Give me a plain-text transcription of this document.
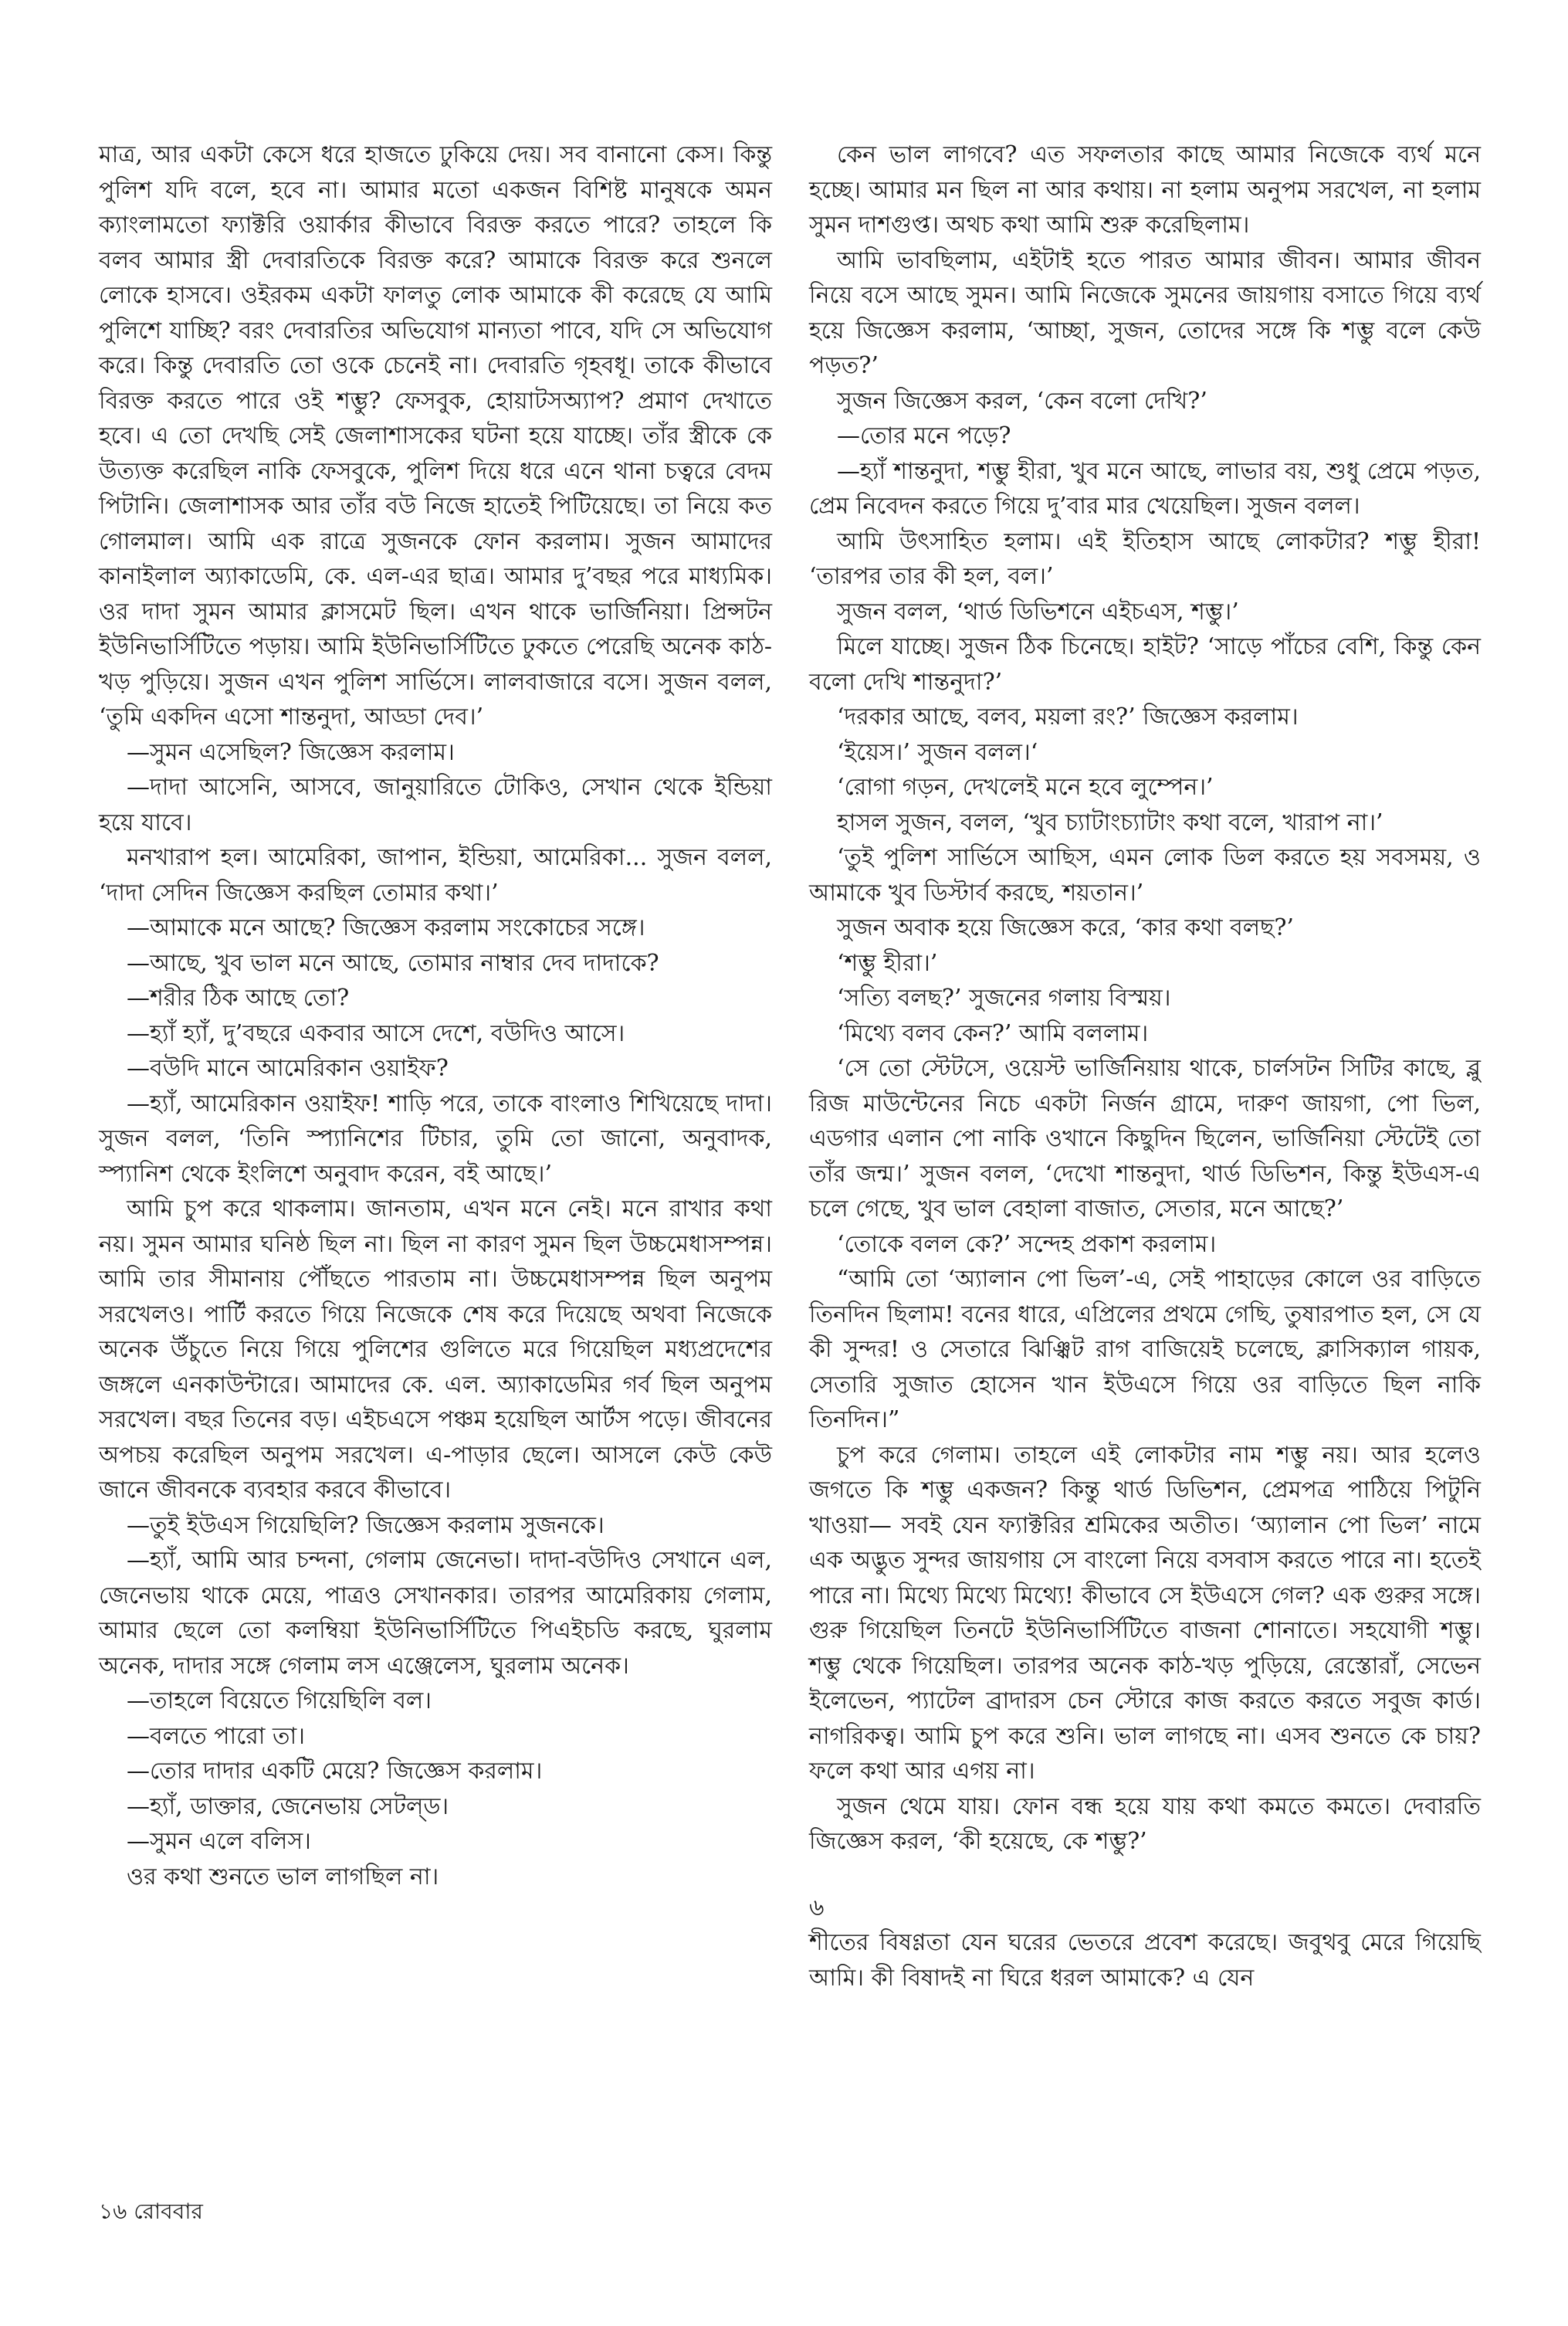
মাত্র, আর একটা কেসে ধরে হাজতে ঢুকিয়ে দেয়। সব বানানো কেস। কিন্তু পুলিশ যদি বলে, হবে না। আমার মতো একজন বিশিষ্ট মানুষকে অমন ক্যাংলামতো ফ্যাক্টরি ওয়ার্কার কীভাবে বিরক্ত করতে পারে? তাহলে কি বলব আমার স্ত্রী দেবারতিকে বিরক্ত করে? আমাকে বিরক্ত করে শুনলে লোকে হাসবে। ওইরকম একটা ফালতু লোক আমাকে কী করেছে যে আমি পুলিশে যাচ্ছি? বরং দেবারতির অভিযোগ মান্যতা পাবে, যদি সে অভিযোগ করে। কিন্তু দেবারতি তো ওকে চেনেই না। দেবারতি গৃহবধূ। তাকে কীভাবে বিরক্ত করতে পারে ওই শম্ভু? ফেসবুক, হোয়াটসঅ্যাপ? প্রমাণ দেখাতে হবে। এ তো দেখছি সেই জেলাশাসকের ঘটনা হয়ে যাচ্ছে। তাঁর স্ত্রীকে কে উত্যক্ত করেছিল নাকি ফেসবুকে, পুলিশ দিয়ে ধরে এনে থানা চত্বরে বেদম পিটানি। জেলাশাসক আর তাঁর বউ নিজে হাতেই পিটিয়েছে। তা নিয়ে কত গোলমাল। আমি এক রাত্রে সুজনকে ফোন করলাম। সুজন আমাদের কানাইলাল অ্যাকাডেমি, কে. এল-এর ছাত্র। আমার দু’বছর পরে মাধ্যমিক। ওর দাদা সুমন আমার ক্লাসমেট ছিল। এখন থাকে ভার্জিনিয়া। প্রিন্সটন ইউনিভার্সিটিতে পড়ায়। আমি ইউনিভার্সিটিতে ঢুকতে পেরেছি অনেক কাঠ-খড় পুড়িয়ে। সুজন এখন পুলিশ সার্ভিসে। লালবাজারে বসে। সুজন বলল, ‘তুমি একদিন এসো শান্তনুদা, আড্ডা দেব।’

—সুমন এসেছিল? জিজ্ঞেস করলাম।

—দাদা আসেনি, আসবে, জানুয়ারিতে টোকিও, সেখান থেকে ইন্ডিয়া হয়ে যাবে।

মনখারাপ হল। আমেরিকা, জাপান, ইন্ডিয়া, আমেরিকা... সুজন বলল, ‘দাদা সেদিন জিজ্ঞেস করছিল তোমার কথা।’

—আমাকে মনে আছে? জিজ্ঞেস করলাম সংকোচের সঙ্গে।

—আছে, খুব ভাল মনে আছে, তোমার নাম্বার দেব দাদাকে?

—শরীর ঠিক আছে তো?

—হ্যাঁ হ্যাঁ, দু’বছরে একবার আসে দেশে, বউদিও আসে।

—বউদি মানে আমেরিকান ওয়াইফ?

—হ্যাঁ, আমেরিকান ওয়াইফ! শাড়ি পরে, তাকে বাংলাও শিখিয়েছে দাদা। সুজন বলল, ‘তিনি স্প্যানিশের টিচার, তুমি তো জানো, অনুবাদক, স্প্যানিশ থেকে ইংলিশে অনুবাদ করেন, বই আছে।’

আমি চুপ করে থাকলাম। জানতাম, এখন মনে নেই। মনে রাখার কথা নয়। সুমন আমার ঘনিষ্ঠ ছিল না। ছিল না কারণ সুমন ছিল উচ্চমেধাসম্পন্ন। আমি তার সীমানায় পৌঁছতে পারতাম না। উচ্চমেধাসম্পন্ন ছিল অনুপম সরখেলও। পার্টি করতে গিয়ে নিজেকে শেষ করে দিয়েছে অথবা নিজেকে অনেক উঁচুতে নিয়ে গিয়ে পুলিশের গুলিতে মরে গিয়েছিল মধ্যপ্রদেশের জঙ্গলে এনকাউন্টারে। আমাদের কে. এল. অ্যাকাডেমির গর্ব ছিল অনুপম সরখেল। বছর তিনের বড়। এইচএসে পঞ্চম হয়েছিল আর্টস পড়ে। জীবনের অপচয় করেছিল অনুপম সরখেল। এ-পাড়ার ছেলে। আসলে কেউ কেউ জানে জীবনকে ব্যবহার করবে কীভাবে।

—তুই ইউএস গিয়েছিলি? জিজ্ঞেস করলাম সুজনকে।

—হ্যাঁ, আমি আর চন্দনা, গেলাম জেনেভা। দাদা-বউদিও সেখানে এল, জেনেভায় থাকে মেয়ে, পাত্রও সেখানকার। তারপর আমেরিকায় গেলাম, আমার ছেলে তো কলম্বিয়া ইউনিভার্সিটিতে পিএইচডি করছে, ঘুরলাম অনেক, দাদার সঙ্গে গেলাম লস এঞ্জেলেস, ঘুরলাম অনেক।

—তাহলে বিয়েতে গিয়েছিলি বল।

—বলতে পারো তা।

—তোর দাদার একটি মেয়ে? জিজ্ঞেস করলাম।

—হ্যাঁ, ডাক্তার, জেনেভায় সেটল্‌ড।

—সুমন এলে বলিস।

ওর কথা শুনতে ভাল লাগছিল না।

কেন ভাল লাগবে? এত সফলতার কাছে আমার নিজেকে ব্যর্থ মনে হচ্ছে। আমার মন ছিল না আর কথায়। না হলাম অনুপম সরখেল, না হলাম সুমন দাশগুপ্ত। অথচ কথা আমি শুরু করেছিলাম।

আমি ভাবছিলাম, এইটাই হতে পারত আমার জীবন। আমার জীবন নিয়ে বসে আছে সুমন। আমি নিজেকে সুমনের জায়গায় বসাতে গিয়ে ব্যর্থ হয়ে জিজ্ঞেস করলাম, ‘আচ্ছা, সুজন, তোদের সঙ্গে কি শম্ভু বলে কেউ পড়ত?’

সুজন জিজ্ঞেস করল, ‘কেন বলো দেখি?’

—তোর মনে পড়ে?

—হ্যাঁ শান্তনুদা, শম্ভু হীরা, খুব মনে আছে, লাভার বয়, শুধু প্রেমে পড়ত, প্রেম নিবেদন করতে গিয়ে দু’বার মার খেয়েছিল। সুজন বলল।

আমি উৎসাহিত হলাম। এই ইতিহাস আছে লোকটার? শম্ভু হীরা! ‘তারপর তার কী হল, বল।’

সুজন বলল, ‘থার্ড ডিভিশনে এইচএস, শম্ভু।’

মিলে যাচ্ছে। সুজন ঠিক চিনেছে। হাইট? ‘সাড়ে পাঁচের বেশি, কিন্তু কেন বলো দেখি শান্তনুদা?’

‘দরকার আছে, বলব, ময়লা রং?’ জিজ্ঞেস করলাম।

‘ইয়েস।’ সুজন বলল।‘

‘রোগা গড়ন, দেখলেই মনে হবে লুম্পেন।’

হাসল সুজন, বলল, ‘খুব চ্যাটাংচ্যাটাং কথা বলে, খারাপ না।’

‘তুই পুলিশ সার্ভিসে আছিস, এমন লোক ডিল করতে হয় সবসময়, ও আমাকে খুব ডিস্টার্ব করছে, শয়তান।’

সুজন অবাক হয়ে জিজ্ঞেস করে, ‘কার কথা বলছ?’

‘শম্ভু হীরা।’

‘সত্যি বলছ?’ সুজনের গলায় বিস্ময়।

‘মিথ্যে বলব কেন?’ আমি বললাম।

‘সে তো স্টেটসে, ওয়েস্ট ভার্জিনিয়ায় থাকে, চার্লসটন সিটির কাছে, ব্লু রিজ মাউন্টেনের নিচে একটা নির্জন গ্রামে, দারুণ জায়গা, পো ভিল, এডগার এলান পো নাকি ওখানে কিছুদিন ছিলেন, ভার্জিনিয়া স্টেটেই তো তাঁর জন্ম।’ সুজন বলল, ‘দেখো শান্তনুদা, থার্ড ডিভিশন, কিন্তু ইউএস-এ চলে গেছে, খুব ভাল বেহালা বাজাত, সেতার, মনে আছে?’

‘তোকে বলল কে?’ সন্দেহ প্রকাশ করলাম।

“আমি তো ‘অ্যালান পো ভিল’-এ, সেই পাহাড়ের কোলে ওর বাড়িতে তিনদিন ছিলাম! বনের ধারে, এপ্রিলের প্রথমে গেছি, তুষারপাত হল, সে যে কী সুন্দর! ও সেতারে ঝিঞ্ঝিট রাগ বাজিয়েই চলেছে, ক্লাসিক্যাল গায়ক, সেতারি সুজাত হোসেন খান ইউএসে গিয়ে ওর বাড়িতে ছিল নাকি তিনদিন।”

চুপ করে গেলাম। তাহলে এই লোকটার নাম শম্ভু নয়। আর হলেও জগতে কি শম্ভু একজন? কিন্তু থার্ড ডিভিশন, প্রেমপত্র পাঠিয়ে পিটুনি খাওয়া— সবই যেন ফ্যাক্টরির শ্রমিকের অতীত। ‘অ্যালান পো ভিল’ নামে এক অদ্ভুত সুন্দর জায়গায় সে বাংলো নিয়ে বসবাস করতে পারে না। হতেই পারে না। মিথ্যে মিথ্যে মিথ্যে! কীভাবে সে ইউএসে গেল? এক গুরুর সঙ্গে। গুরু গিয়েছিল তিনটে ইউনিভার্সিটিতে বাজনা শোনাতে। সহযোগী শম্ভু। শম্ভু থেকে গিয়েছিল। তারপর অনেক কাঠ-খড় পুড়িয়ে, রেস্তোরাঁ, সেভেন ইলেভেন, প্যাটেল ব্রাদারস চেন স্টোরে কাজ করতে করতে সবুজ কার্ড। নাগরিকত্ব। আমি চুপ করে শুনি। ভাল লাগছে না। এসব শুনতে কে চায়? ফলে কথা আর এগয় না।

সুজন থেমে যায়। ফোন বন্ধ হয়ে যায় কথা কমতে কমতে। দেবারতি জিজ্ঞেস করল, ‘কী হয়েছে, কে শম্ভু?’

৬

শীতের বিষণ্ণতা যেন ঘরের ভেতরে প্রবেশ করেছে। জবুথবু মেরে গিয়েছি আমি। কী বিষাদই না ঘিরে ধরল আমাকে? এ যেন

১৬ রোববার
